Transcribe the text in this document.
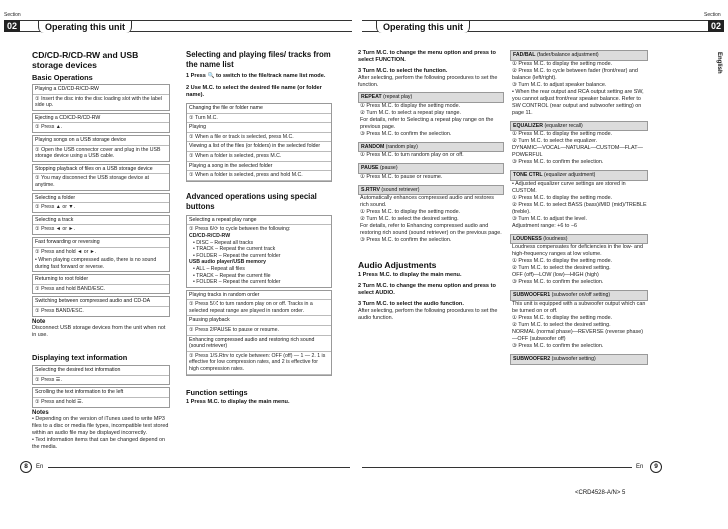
Section
02	Operating this unit	Operating this unit
Section
02
English
CD/CD-R/CD-RW and USB storage devices
Basic Operations
Playing a CD/CD-R/CD-RW
① Insert the disc into the disc loading slot with the label side up.
Ejecting a CD/CD-R/CD-RW
① Press ▲.
Playing songs on a USB storage device
① Open the USB connector cover and plug in the USB storage device using a USB cable.
Stopping playback of files on a USB storage device
① You may disconnect the USB storage device at anytime.
Selecting a folder
① Press ▲ or ▼.
Selecting a track
① Press ◄ or ►.
Fast forwarding or reversing
① Press and hold ◄ or ►.
• When playing compressed audio, there is no sound during fast forward or reverse.
Returning to root folder
① Press and hold BAND/ESC.
Switching between compressed audio and CD-DA
① Press BAND/ESC.
Note
Disconnect USB storage devices from the unit when not in use.
Displaying text information
Selecting the desired text information
① Press ☰.
Scrolling the text information to the left
① Press and hold ☰.
Notes
• Depending on the version of iTunes used to write MP3 files to a disc or media file types, incompatible text stored within an audio file may be displayed incorrectly.
• Text information items that can be changed depend on the media.
Selecting and playing files/ tracks from the name list
1 Press 🔍 to switch to the file/track name list mode.
2 Use M.C. to select the desired file name (or folder name).
Changing the file or folder name
① Turn M.C.
Playing
① When a file or track is selected, press M.C.
Viewing a list of the files (or folders) in the selected folder
① When a folder is selected, press M.C.
Playing a song in the selected folder
① When a folder is selected, press and hold M.C.
Advanced operations using special buttons
Selecting a repeat play range
① Press 6/⟳ to cycle between the following:
CD/CD-R/CD-RW
• DISC – Repeat all tracks
• TRACK – Repeat the current track
• FOLDER – Repeat the current folder
USB audio player/USB memory
• ALL – Repeat all files
• TRACK – Repeat the current file
• FOLDER – Repeat the current folder
Playing tracks in random order
① Press 5/⤮ to turn random play on or off. Tracks in a selected repeat range are played in random order.
Pausing playback
① Press 2/PAUSE to pause or resume.
Enhancing compressed audio and restoring rich sound (sound retriever)
① Press 1/S.Rtrv to cycle between: OFF (off) — 1 — 2. 1 is effective for low compression rates, and 2 is effective for high compression rates.
Function settings
1 Press M.C. to display the main menu.
2 Turn M.C. to change the menu option and press to select FUNCTION.
3 Turn M.C. to select the function.
After selecting, perform the following procedures to set the function.
REPEAT (repeat play)
① Press M.C. to display the setting mode.
② Turn M.C. to select a repeat play range.
For details, refer to Selecting a repeat play range on the previous page.
③ Press M.C. to confirm the selection.
RANDOM (random play)
① Press M.C. to turn random play on or off.
PAUSE (pause)
① Press M.C. to pause or resume.
S.RTRV (sound retriever)
Automatically enhances compressed audio and restores rich sound.
① Press M.C. to display the setting mode.
② Turn M.C. to select the desired setting.
For details, refer to Enhancing compressed audio and restoring rich sound (sound retriever) on the previous page.
③ Press M.C. to confirm the selection.
Audio Adjustments
1 Press M.C. to display the main menu.
2 Turn M.C. to change the menu option and press to select AUDIO.
3 Turn M.C. to select the audio function.
After selecting, perform the following procedures to set the audio function.
FAD/BAL (fader/balance adjustment)
① Press M.C. to display the setting mode.
② Press M.C. to cycle between fader (front/rear) and balance (left/right).
③ Turn M.C. to adjust speaker balance.
• When the rear output and RCA output setting are SW, you cannot adjust front/rear speaker balance. Refer to SW CONTROL (rear output and subwoofer setting) on page 11.
EQUALIZER (equalizer recall)
① Press M.C. to display the setting mode.
② Turn M.C. to select the equalizer.
DYNAMIC—VOCAL—NATURAL—CUSTOM—FLAT—POWERFUL
③ Press M.C. to confirm the selection.
TONE CTRL (equalizer adjustment)
• Adjusted equalizer curve settings are stored in CUSTOM.
① Press M.C. to display the setting mode.
② Press M.C. to select BASS (bass)/MID (mid)/TREBLE (treble).
③ Turn M.C. to adjust the level.
Adjustment range: +6 to −6
LOUDNESS (loudness)
Loudness compensates for deficiencies in the low- and high-frequency ranges at low volume.
① Press M.C. to display the setting mode.
② Turn M.C. to select the desired setting.
OFF (off)—LOW (low)—HIGH (high)
③ Press M.C. to confirm the selection.
SUBWOOFER1 (subwoofer on/off setting)
This unit is equipped with a subwoofer output which can be turned on or off.
① Press M.C. to display the setting mode.
② Turn M.C. to select the desired setting.
NORMAL (normal phase)—REVERSE (reverse phase)—OFF (subwoofer off)
③ Press M.C. to confirm the selection.
SUBWOOFER2 (subwoofer setting)
8	En	En	9
<CRD4528-A/N> 5
